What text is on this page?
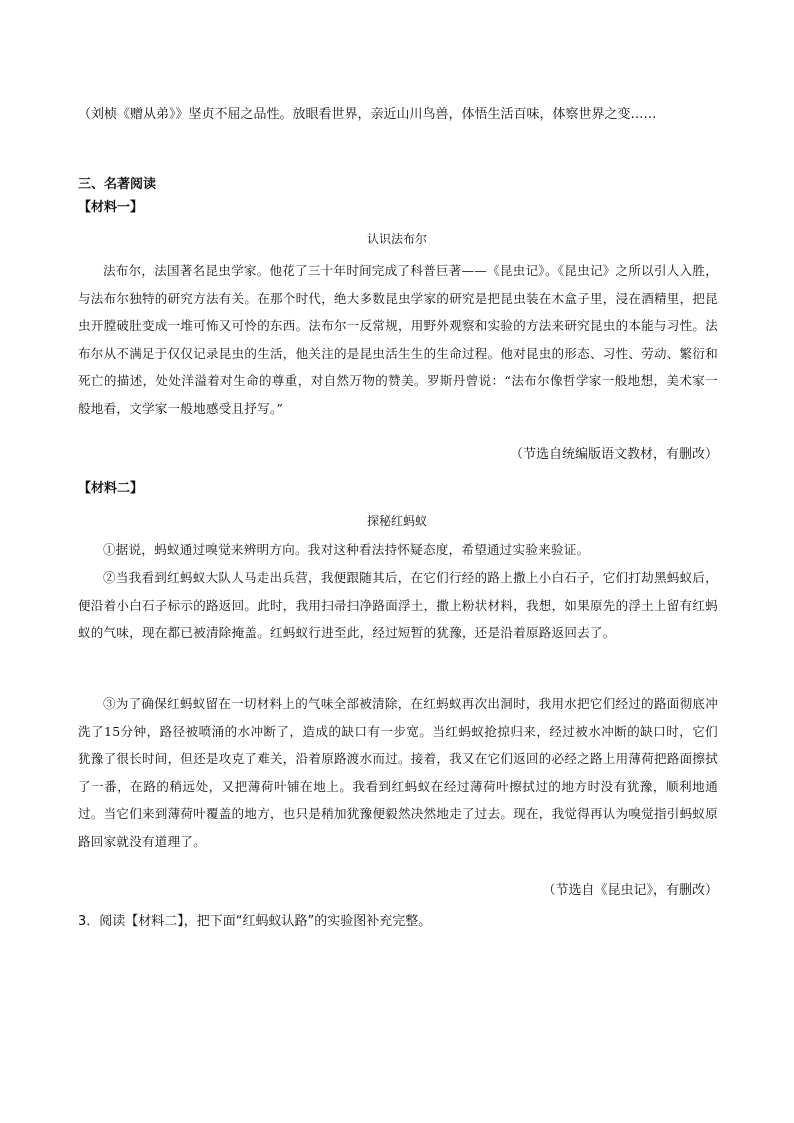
（刘桢《赠从弟》》坚贞不屈之品性。放眼看世界，亲近山川鸟兽，体悟生活百味，体察世界之变……
三、名著阅读
【材料一】
认识法布尔
法布尔，法国著名昆虫学家。他花了三十年时间完成了科普巨著——《昆虫记》。《昆虫记》之所以引人入胜，与法布尔独特的研究方法有关。在那个时代，绝大多数昆虫学家的研究是把昆虫装在木盒子里，浸在酒精里，把昆虫开膛破肚变成一堆可怖又可怜的东西。法布尔一反常规，用野外观察和实验的方法来研究昆虫的本能与习性。法布尔从不满足于仅仅记录昆虫的生活，他关注的是昆虫活生生的生命过程。他对昆虫的形态、习性、劳动、繁衍和死亡的描述，处处洋溢着对生命的尊重，对自然万物的赞美。罗斯丹曾说：“法布尔像哲学家一般地想，美术家一般地看，文学家一般地感受且抒写。”
（节选自统编版语文教材，有删改）
【材料二】
探秘红蚂蚁
①据说，蚂蚁通过嗅觉来辨明方向。我对这种看法持怀疑态度，希望通过实验来验证。
②当我看到红蚂蚁大队人马走出兵营，我便跟随其后，在它们行经的路上撒上小白石子，它们打劫黑蚂蚁后，便沿着小白石子标示的路返回。此时，我用扫帚扫净路面浮土，撒上粉状材料，我想，如果原先的浮土上留有红蚂蚁的气味，现在都已被清除掩盖。红蚂蚁行进至此，经过短暂的犹豫，还是沿着原路返回去了。
③为了确保红蚂蚁留在一切材料上的气味全部被清除，在红蚂蚁再次出洞时，我用水把它们经过的路面彻底冲洗了15分钟，路径被喷涌的水冲断了，造成的缺口有一步宽。当红蚂蚁抢掠归来，经过被水冲断的缺口时，它们犹豫了很长时间，但还是攻克了难关，沿着原路渡水而过。接着，我又在它们返回的必经之路上用薄荷把路面擦拭了一番，在路的稍远处，又把薄荷叶铺在地上。我看到红蚂蚁在经过薄荷叶擦拭过的地方时没有犹豫，顺利地通过。当它们来到薄荷叶覆盖的地方，也只是稍加犹豫便毅然决然地走了过去。现在，我觉得再认为嗅觉指引蚂蚁原路回家就没有道理了。
（节选自《昆虫记》，有删改）
3．阅读【材料二】，把下面“红蚂蚁认路”的实验图补充完整。
